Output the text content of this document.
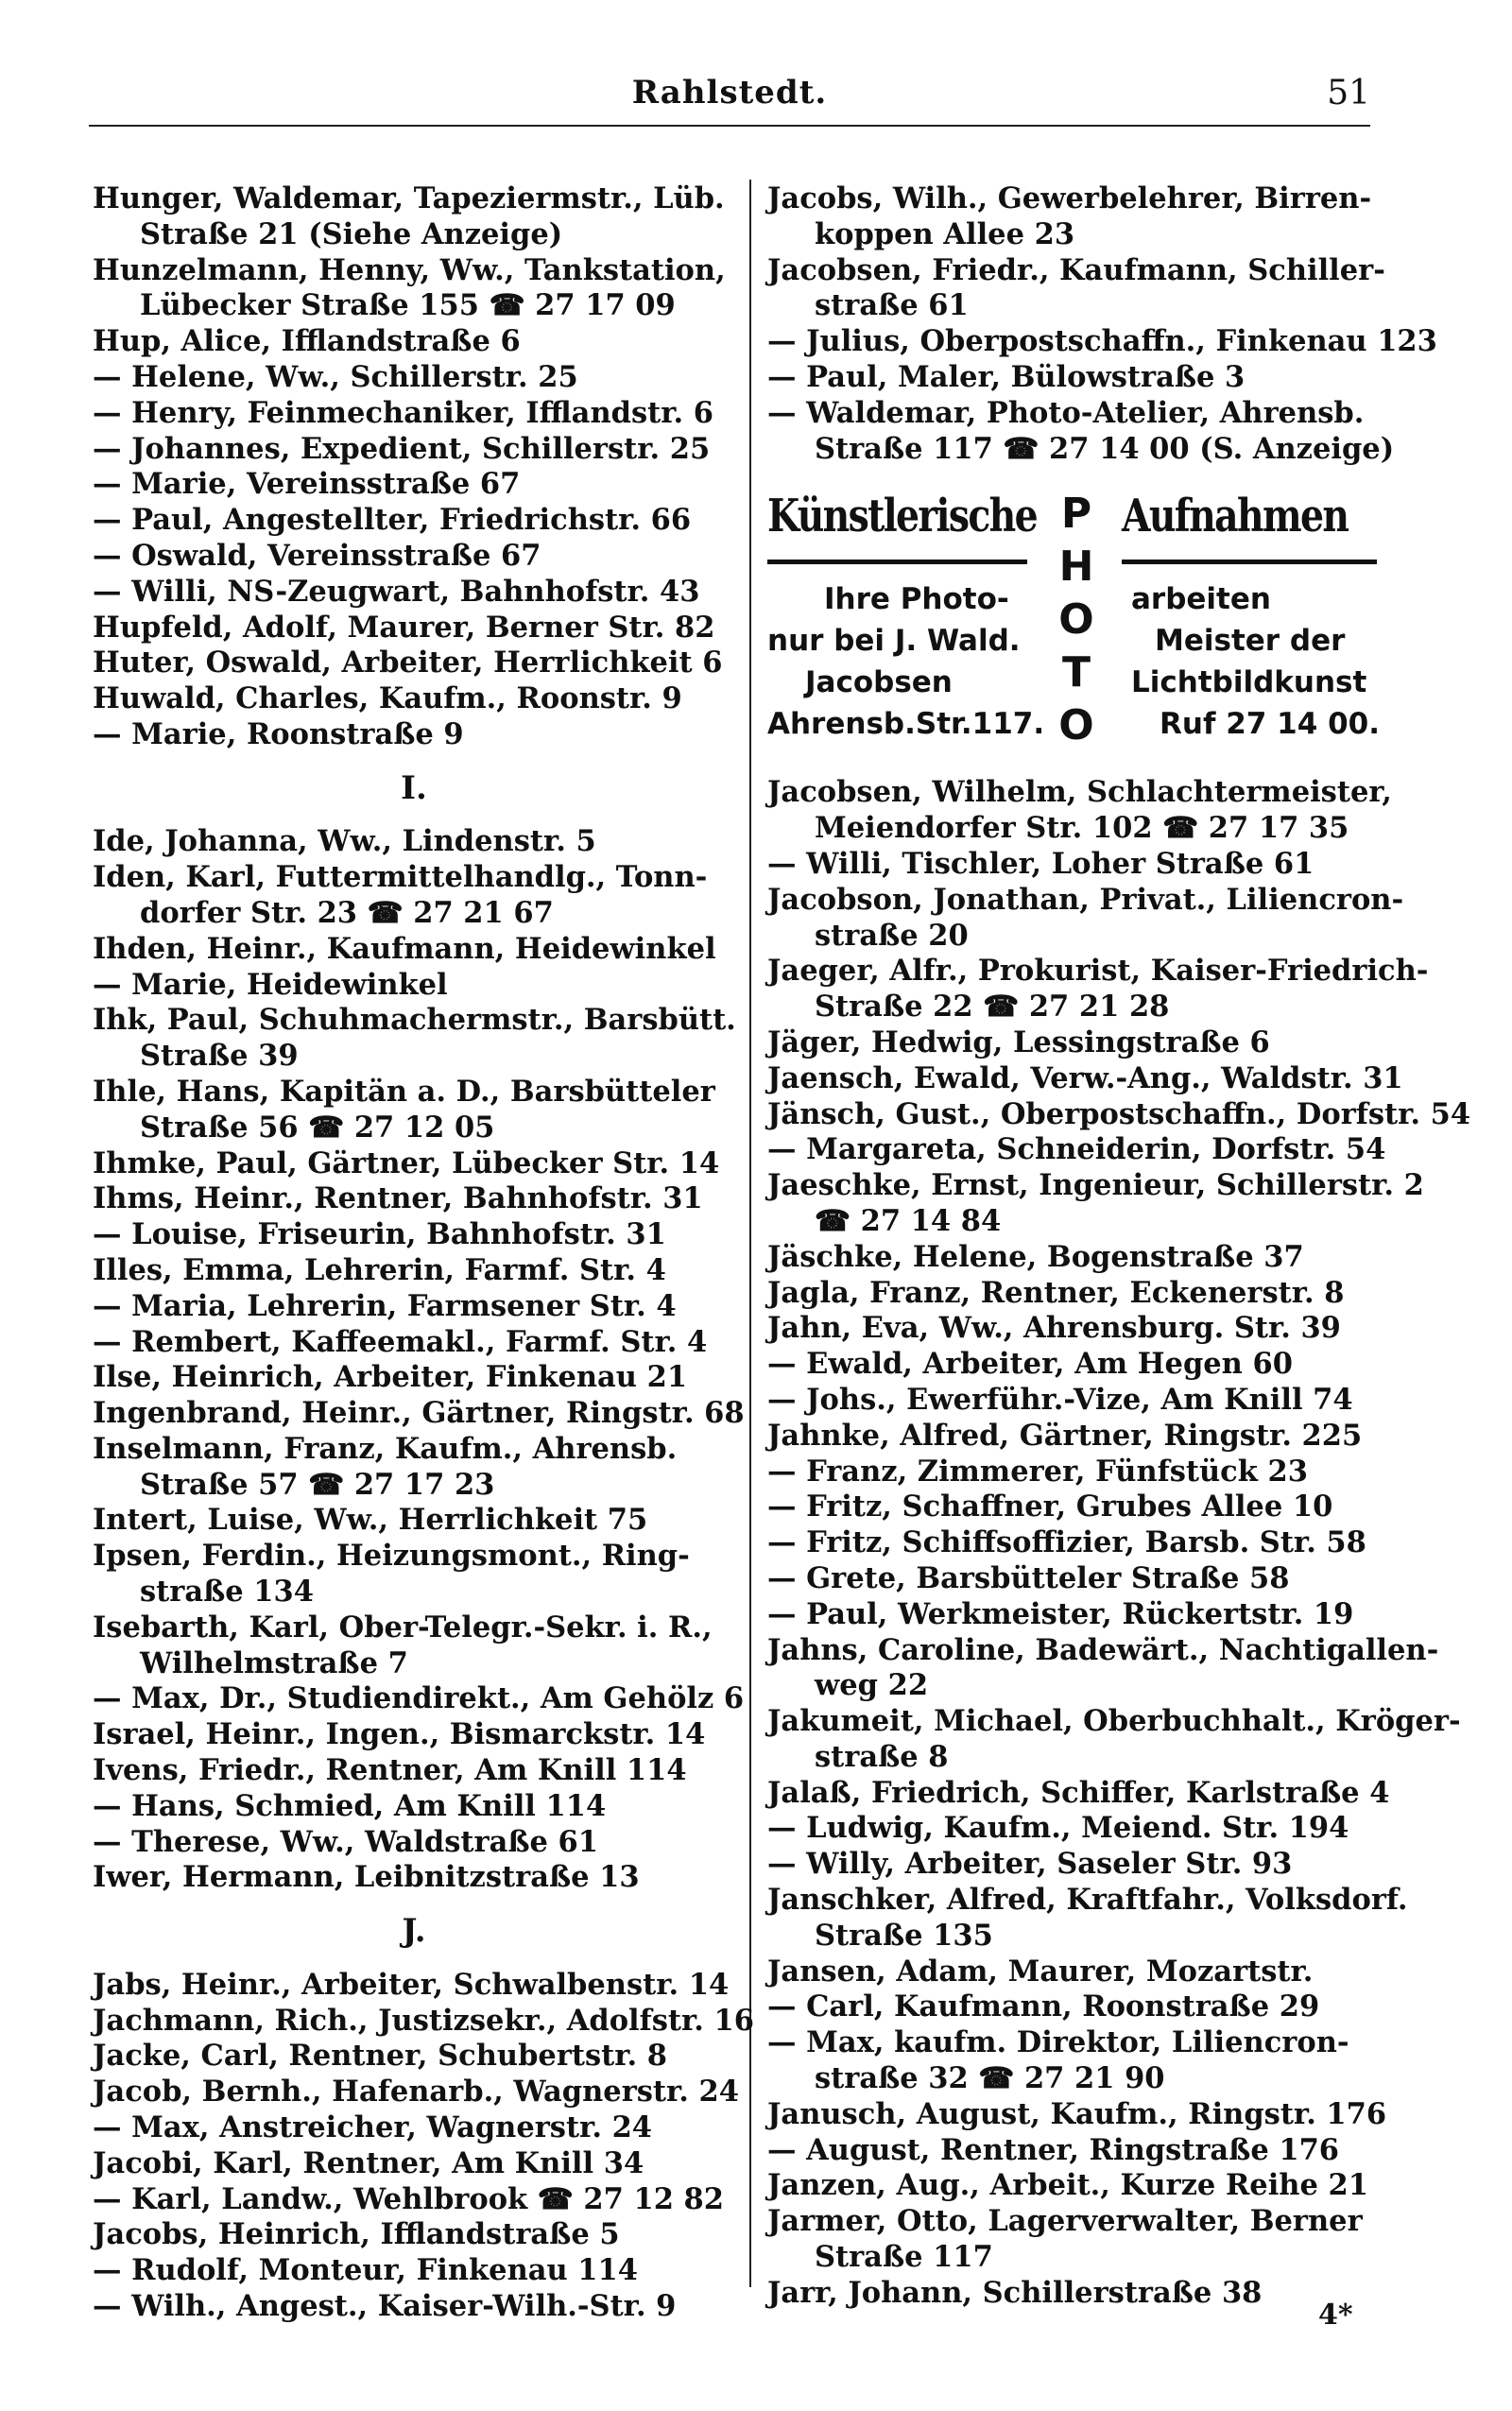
Rahlstedt.	51
Hunger, Waldemar, Tapeziermstr., Lüb.
Straße 21 (Siehe Anzeige)
Hunzelmann, Henny, Ww., Tankstation,
Lübecker Straße 155 ☎ 27 17 09
Hup, Alice, Ifflandstraße 6
— Helene, Ww., Schillerstr. 25
— Henry, Feinmechaniker, Ifflandstr. 6
— Johannes, Expedient, Schillerstr. 25
— Marie, Vereinsstraße 67
— Paul, Angestellter, Friedrichstr. 66
— Oswald, Vereinsstraße 67
— Willi, NS-Zeugwart, Bahnhofstr. 43
Hupfeld, Adolf, Maurer, Berner Str. 82
Huter, Oswald, Arbeiter, Herrlichkeit 6
Huwald, Charles, Kaufm., Roonstr. 9
— Marie, Roonstraße 9
I.
Ide, Johanna, Ww., Lindenstr. 5
Iden, Karl, Futtermittelhandlg., Tonn-
dorfer Str. 23 ☎ 27 21 67
Ihden, Heinr., Kaufmann, Heidewinkel
— Marie, Heidewinkel
Ihk, Paul, Schuhmachermstr., Barsbütt.
Straße 39
Ihle, Hans, Kapitän a. D., Barsbütteler
Straße 56 ☎ 27 12 05
Ihmke, Paul, Gärtner, Lübecker Str. 14
Ihms, Heinr., Rentner, Bahnhofstr. 31
— Louise, Friseurin, Bahnhofstr. 31
Illes, Emma, Lehrerin, Farmf. Str. 4
— Maria, Lehrerin, Farmsener Str. 4
— Rembert, Kaffeemakl., Farmf. Str. 4
Ilse, Heinrich, Arbeiter, Finkenau 21
Ingenbrand, Heinr., Gärtner, Ringstr. 68
Inselmann, Franz, Kaufm., Ahrensb.
Straße 57 ☎ 27 17 23
Intert, Luise, Ww., Herrlichkeit 75
Ipsen, Ferdin., Heizungsmont., Ring-
straße 134
Isebarth, Karl, Ober-Telegr.-Sekr. i. R.,
Wilhelmstraße 7
— Max, Dr., Studiendirekt., Am Gehölz 6
Israel, Heinr., Ingen., Bismarckstr. 14
Ivens, Friedr., Rentner, Am Knill 114
— Hans, Schmied, Am Knill 114
— Therese, Ww., Waldstraße 61
Iwer, Hermann, Leibnitzstraße 13
J.
Jabs, Heinr., Arbeiter, Schwalbenstr. 14
Jachmann, Rich., Justizsekr., Adolfstr. 16
Jacke, Carl, Rentner, Schubertstr. 8
Jacob, Bernh., Hafenarb., Wagnerstr. 24
— Max, Anstreicher, Wagnerstr. 24
Jacobi, Karl, Rentner, Am Knill 34
— Karl, Landw., Wehlbrook ☎ 27 12 82
Jacobs, Heinrich, Ifflandstraße 5
— Rudolf, Monteur, Finkenau 114
— Wilh., Angest., Kaiser-Wilh.-Str. 9
Jacobs, Wilh., Gewerbelehrer, Birren-
koppen Allee 23
Jacobsen, Friedr., Kaufmann, Schiller-
straße 61
— Julius, Oberpostschaffn., Finkenau 123
— Paul, Maler, Bülowstraße 3
— Waldemar, Photo-Atelier, Ahrensb.
Straße 117 ☎ 27 14 00 (S. Anzeige)
Künstlerische Aufnahmen
P
H
O
T
O
Ihre Photo-
nur bei J. Wald.
Jacobsen
Ahrensb.Str.117.
arbeiten
Meister der
Lichtbildkunst
Ruf 27 14 00.
Jacobsen, Wilhelm, Schlachtermeister,
Meiendorfer Str. 102 ☎ 27 17 35
— Willi, Tischler, Loher Straße 61
Jacobson, Jonathan, Privat., Liliencron-
straße 20
Jaeger, Alfr., Prokurist, Kaiser-Friedrich-
Straße 22 ☎ 27 21 28
Jäger, Hedwig, Lessingstraße 6
Jaensch, Ewald, Verw.-Ang., Waldstr. 31
Jänsch, Gust., Oberpostschaffn., Dorfstr. 54
— Margareta, Schneiderin, Dorfstr. 54
Jaeschke, Ernst, Ingenieur, Schillerstr. 2
☎ 27 14 84
Jäschke, Helene, Bogenstraße 37
Jagla, Franz, Rentner, Eckenerstr. 8
Jahn, Eva, Ww., Ahrensburg. Str. 39
— Ewald, Arbeiter, Am Hegen 60
— Johs., Ewerführ.-Vize, Am Knill 74
Jahnke, Alfred, Gärtner, Ringstr. 225
— Franz, Zimmerer, Fünfstück 23
— Fritz, Schaffner, Grubes Allee 10
— Fritz, Schiffsoffizier, Barsb. Str. 58
— Grete, Barsbütteler Straße 58
— Paul, Werkmeister, Rückertstr. 19
Jahns, Caroline, Badewärt., Nachtigallen-
weg 22
Jakumeit, Michael, Oberbuchhalt., Kröger-
straße 8
Jalaß, Friedrich, Schiffer, Karlstraße 4
— Ludwig, Kaufm., Meiend. Str. 194
— Willy, Arbeiter, Saseler Str. 93
Janschker, Alfred, Kraftfahr., Volksdorf.
Straße 135
Jansen, Adam, Maurer, Mozartstr.
— Carl, Kaufmann, Roonstraße 29
— Max, kaufm. Direktor, Liliencron-
straße 32 ☎ 27 21 90
Janusch, August, Kaufm., Ringstr. 176
— August, Rentner, Ringstraße 176
Janzen, Aug., Arbeit., Kurze Reihe 21
Jarmer, Otto, Lagerverwalter, Berner
Straße 117
Jarr, Johann, Schillerstraße 38
4*
